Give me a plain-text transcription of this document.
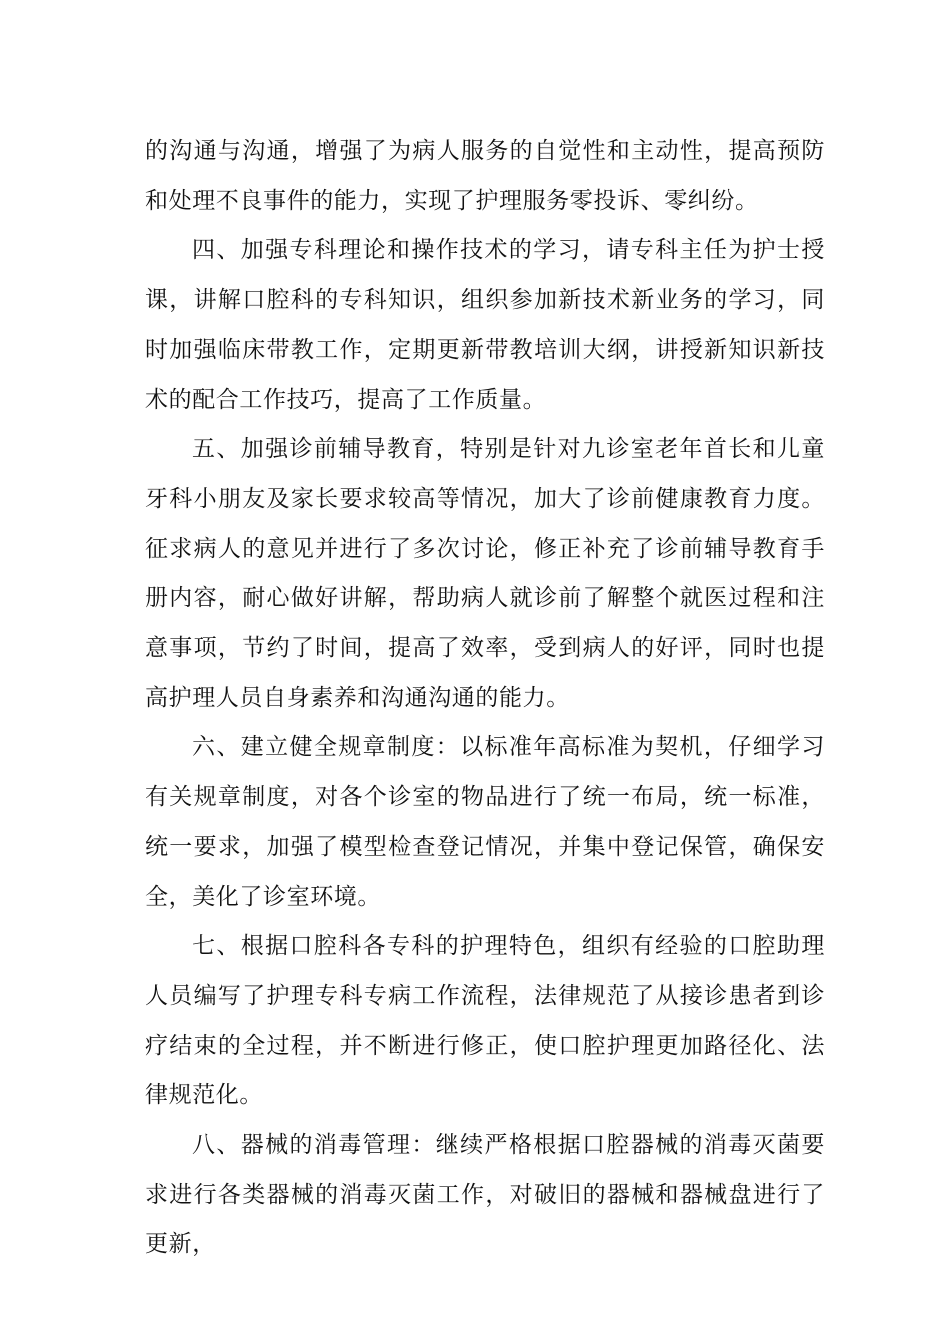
的沟通与沟通，增强了为病人服务的自觉性和主动性，提高预防和处理不良事件的能力，实现了护理服务零投诉、零纠纷。

四、加强专科理论和操作技术的学习，请专科主任为护士授课，讲解口腔科的专科知识，组织参加新技术新业务的学习，同时加强临床带教工作，定期更新带教培训大纲，讲授新知识新技术的配合工作技巧，提高了工作质量。

五、加强诊前辅导教育，特别是针对九诊室老年首长和儿童牙科小朋友及家长要求较高等情况，加大了诊前健康教育力度。征求病人的意见并进行了多次讨论，修正补充了诊前辅导教育手册内容，耐心做好讲解，帮助病人就诊前了解整个就医过程和注意事项，节约了时间，提高了效率，受到病人的好评，同时也提高护理人员自身素养和沟通沟通的能力。

六、建立健全规章制度：以标准年高标准为契机，仔细学习有关规章制度，对各个诊室的物品进行了统一布局，统一标准，统一要求，加强了模型检查登记情况，并集中登记保管，确保安全，美化了诊室环境。

七、根据口腔科各专科的护理特色，组织有经验的口腔助理人员编写了护理专科专病工作流程，法律规范了从接诊患者到诊疗结束的全过程，并不断进行修正，使口腔护理更加路径化、法律规范化。

八、器械的消毒管理：继续严格根据口腔器械的消毒灭菌要求进行各类器械的消毒灭菌工作，对破旧的器械和器械盘进行了更新，
